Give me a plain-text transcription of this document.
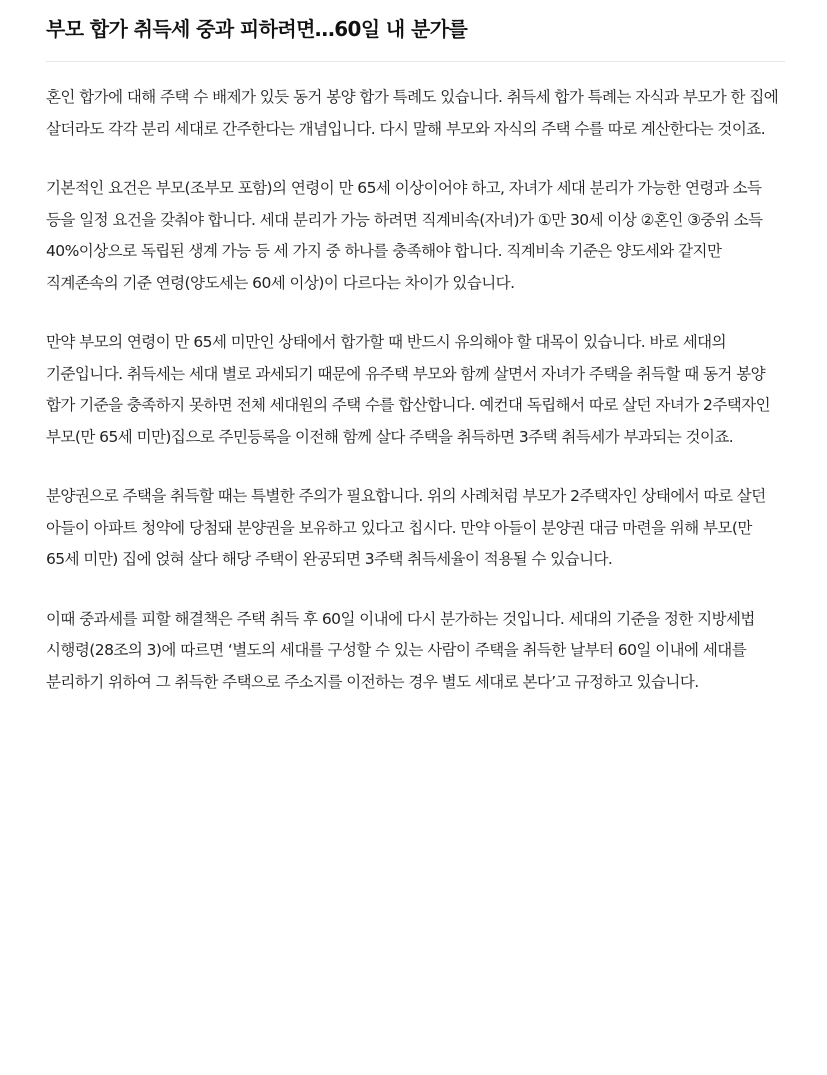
부모 합가 취득세 중과 피하려면…60일 내 분가를

혼인 합가에 대해 주택 수 배제가 있듯 동거 봉양 합가 특례도 있습니다. 취득세 합가 특례는 자식과 부모가 한 집에 살더라도 각각 분리 세대로 간주한다는 개념입니다. 다시 말해 부모와 자식의 주택 수를 따로 계산한다는 것이죠.

기본적인 요건은 부모(조부모 포함)의 연령이 만 65세 이상이어야 하고, 자녀가 세대 분리가 가능한 연령과 소득 등을 일정 요건을 갖춰야 합니다. 세대 분리가 가능 하려면 직계비속(자녀)가 ①만 30세 이상 ②혼인 ③중위 소득 40%이상으로 독립된 생계 가능 등 세 가지 중 하나를 충족해야 합니다. 직계비속 기준은 양도세와 같지만 직계존속의 기준 연령(양도세는 60세 이상)이 다르다는 차이가 있습니다.

만약 부모의 연령이 만 65세 미만인 상태에서 합가할 때 반드시 유의해야 할 대목이 있습니다. 바로 세대의 기준입니다. 취득세는 세대 별로 과세되기 때문에 유주택 부모와 함께 살면서 자녀가 주택을 취득할 때 동거 봉양 합가 기준을 충족하지 못하면 전체 세대원의 주택 수를 합산합니다. 예컨대 독립해서 따로 살던 자녀가 2주택자인 부모(만 65세 미만)집으로 주민등록을 이전해 함께 살다 주택을 취득하면 3주택 취득세가 부과되는 것이죠.

분양권으로 주택을 취득할 때는 특별한 주의가 필요합니다. 위의 사례처럼 부모가 2주택자인 상태에서 따로 살던 아들이 아파트 청약에 당첨돼 분양권을 보유하고 있다고 칩시다. 만약 아들이 분양권 대금 마련을 위해 부모(만 65세 미만) 집에 얹혀 살다 해당 주택이 완공되면 3주택 취득세율이 적용될 수 있습니다.

이때 중과세를 피할 해결책은 주택 취득 후 60일 이내에 다시 분가하는 것입니다. 세대의 기준을 정한 지방세법 시행령(28조의 3)에 따르면 ‘별도의 세대를 구성할 수 있는 사람이 주택을 취득한 날부터 60일 이내에 세대를 분리하기 위하여 그 취득한 주택으로 주소지를 이전하는 경우 별도 세대로 본다’고 규정하고 있습니다.
